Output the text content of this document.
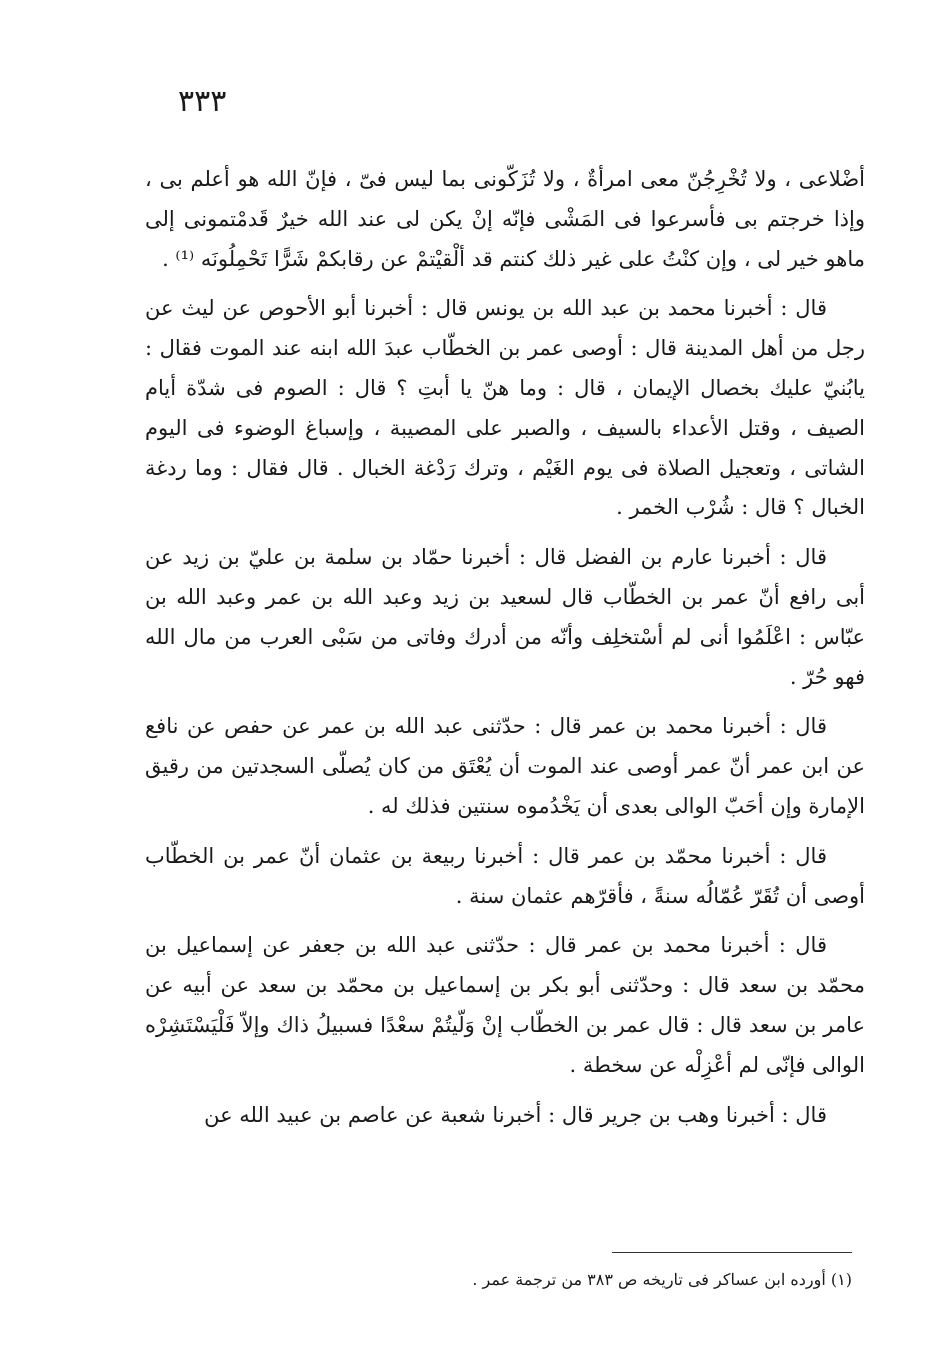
٣٣٣

أضْلاعى ، ولا تُخْرِجُنّ معى امرأةٌ ، ولا تُزَكّونى بما ليس فىّ ، فإنّ الله هو أعلم بى ، وإذا خرجتم بى فأسرعوا فى المَشْى فإنّه إنْ يكن لى عند الله خيرٌ قَدمْتمونى إلى ماهو خير لى ، وإن كنْتُ على غير ذلك كنتم قد ألْقيْتمْ عن رقابكمْ شَرًّا تَحْمِلُونَه ⁽¹⁾ .

قال : أخبرنا محمد بن عبد الله بن يونس قال : أخبرنا أبو الأحوص عن ليث عن رجل من أهل المدينة قال : أوصى عمر بن الخطّاب عبدَ الله ابنه عند الموت فقال : يابُنيّ عليك بخصال الإيمان ، قال : وما هنّ يا أبتِ ؟ قال : الصوم فى شدّة أيام الصيف ، وقتل الأعداء بالسيف ، والصبر على المصيبة ، وإسباغ الوضوء فى اليوم الشاتى ، وتعجيل الصلاة فى يوم الغَيْم ، وترك رَدْغة الخبال . قال فقال : وما ردغة الخبال ؟ قال : شُرْب الخمر .

قال : أخبرنا عارم بن الفضل قال : أخبرنا حمّاد بن سلمة بن عليّ بن زيد عن أبى رافع أنّ عمر بن الخطّاب قال لسعيد بن زيد وعبد الله بن عمر وعبد الله بن عبّاس : اعْلَمُوا أنى لم أسْتخلِف وأنّه من أدرك وفاتى من سَبْى العرب من مال الله فهو حُرّ .

قال : أخبرنا محمد بن عمر قال : حدّثنى عبد الله بن عمر عن حفص عن نافع عن ابن عمر أنّ عمر أوصى عند الموت أن يُعْتَق من كان يُصلّى السجدتين من رقيق الإمارة وإن أحَبّ الوالى بعدى أن يَخْدُموه سنتين فذلك له .

قال : أخبرنا محمّد بن عمر قال : أخبرنا ربيعة بن عثمان أنّ عمر بن الخطّاب أوصى أن تُقَرّ عُمّالُه سنةً ، فأقرّهم عثمان سنة .

قال : أخبرنا محمد بن عمر قال : حدّثنى عبد الله بن جعفر عن إسماعيل بن محمّد بن سعد قال : وحدّثنى أبو بكر بن إسماعيل بن محمّد بن سعد عن أبيه عن عامر بن سعد قال : قال عمر بن الخطّاب إنْ وَلّيتُمْ سعْدًا فسبيلُ ذاك وإلاّ فَلْيَسْتَشِرْه الوالى فإنّى لم أعْزِلْه عن سخطة .

قال : أخبرنا وهب بن جرير قال : أخبرنا شعبة عن عاصم بن عبيد الله عن

(١) أورده ابن عساكر فى تاريخه ص ٣٨٣ من ترجمة عمر .
